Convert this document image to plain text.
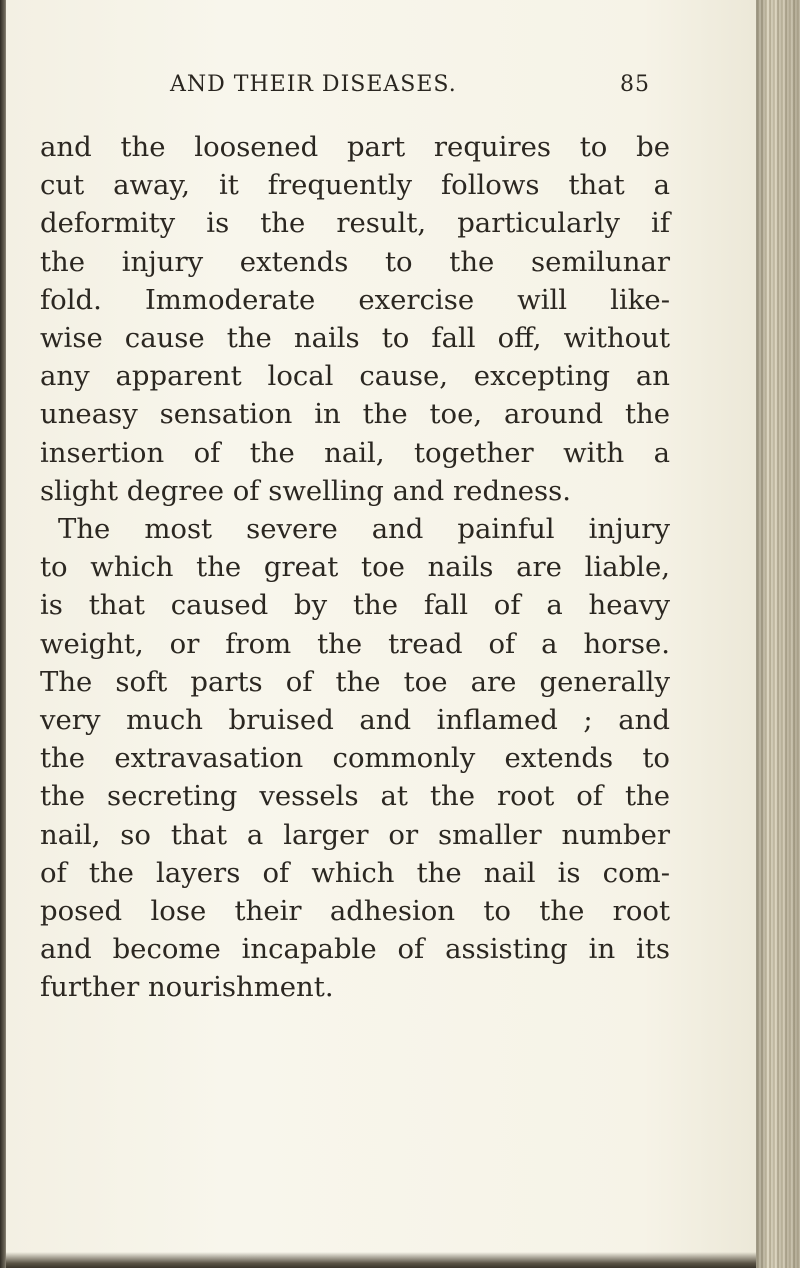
AND THEIR DISEASES.	85
and the loosened part requires to be
cut away, it frequently follows that a
deformity is the result, particularly if
the injury extends to the semilunar
fold. Immoderate exercise will like-
wise cause the nails to fall off, without
any apparent local cause, excepting an
uneasy sensation in the toe, around the
insertion of the nail, together with a
slight degree of swelling and redness.
The most severe and painful injury
to which the great toe nails are liable,
is that caused by the fall of a heavy
weight, or from the tread of a horse.
The soft parts of the toe are generally
very much bruised and inflamed ; and
the extravasation commonly extends to
the secreting vessels at the root of the
nail, so that a larger or smaller number
of the layers of which the nail is com-
posed lose their adhesion to the root
and become incapable of assisting in its
further nourishment.
